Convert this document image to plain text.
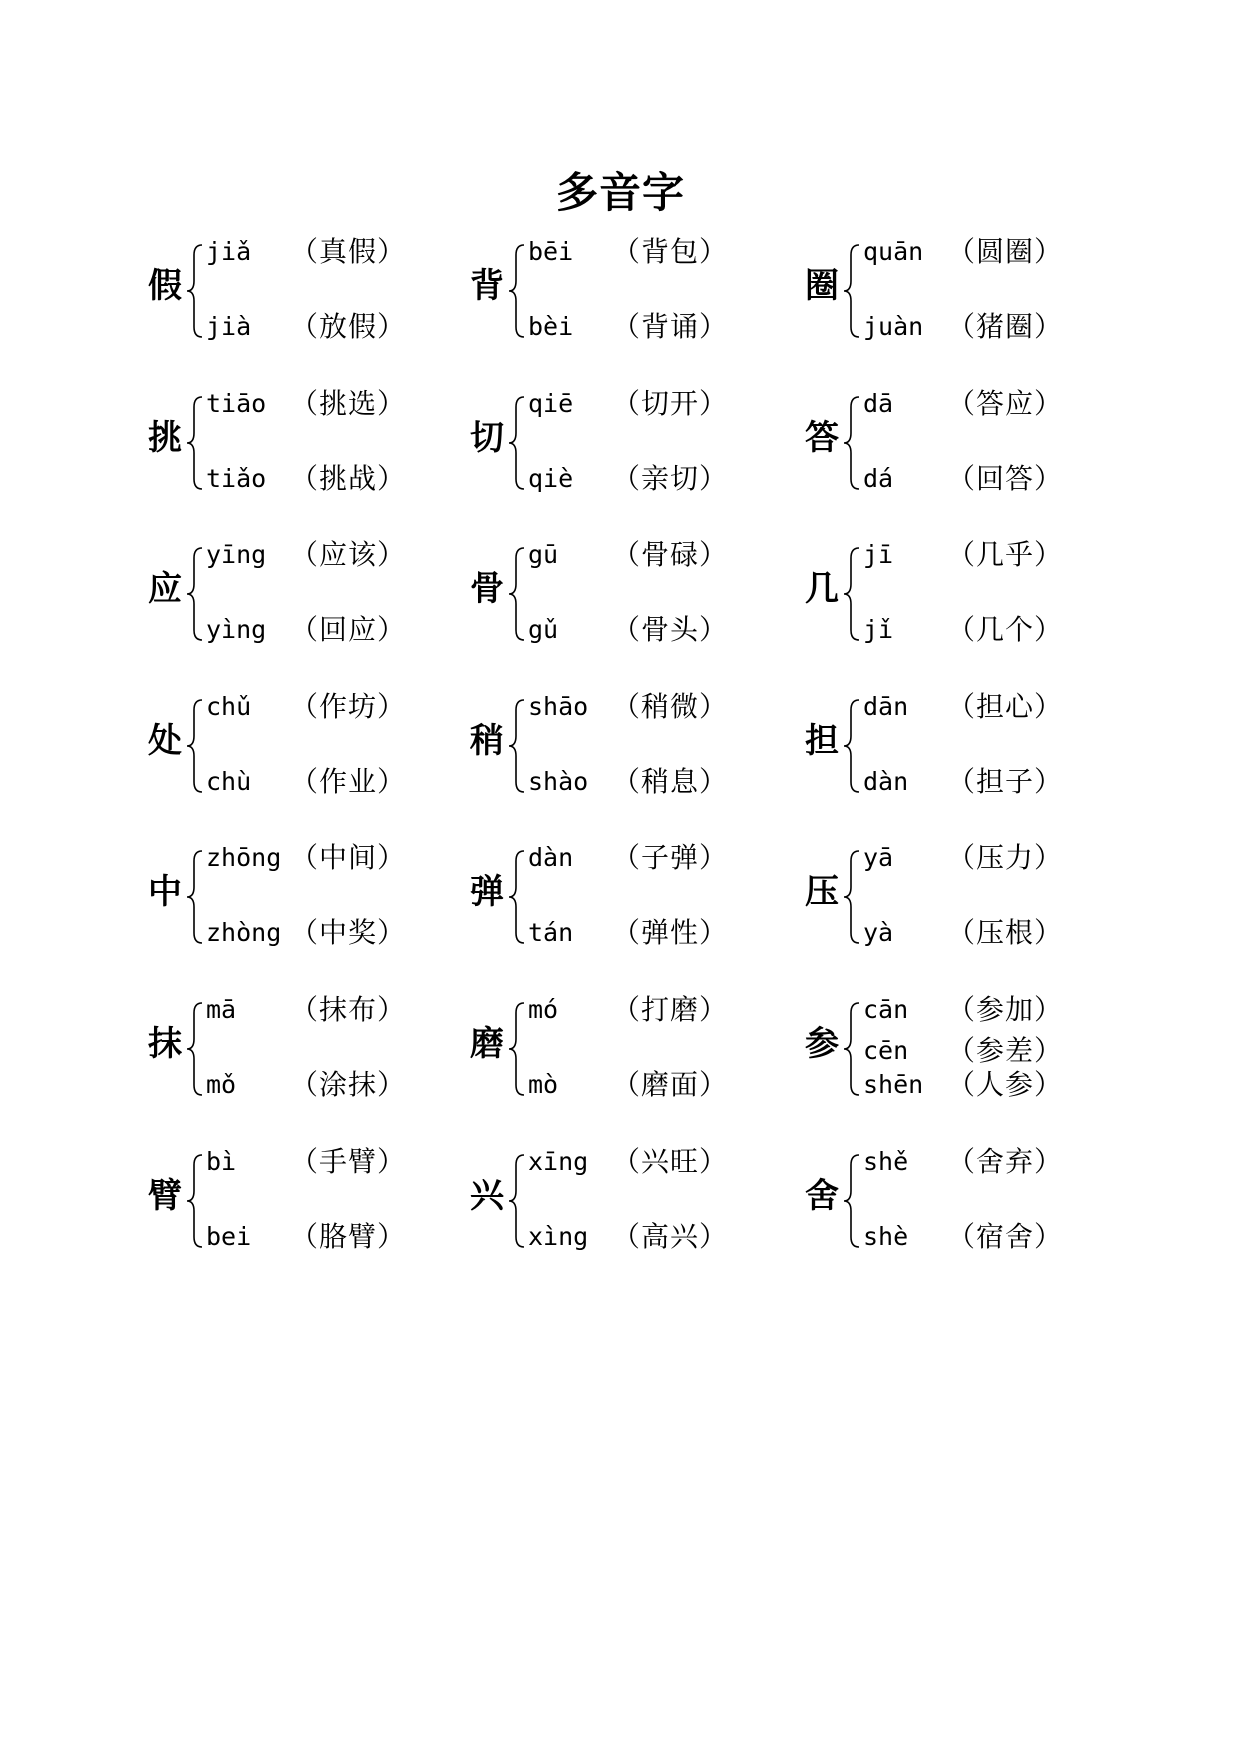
多音字
假
jiǎ （真假）
jià （放假）
背
bēi （背包）
bèi （背诵）
圈
quān （圆圈）
juàn （猪圈）
挑
tiāo （挑选）
tiǎo （挑战）
切
qiē （切开）
qiè （亲切）
答
dā （答应）
dá （回答）
应
yīng （应该）
yìng （回应）
骨
gū （骨碌）
gǔ （骨头）
几
jī （几乎）
jǐ （几个）
处
chǔ （作坊）
chù （作业）
稍
shāo （稍微）
shào （稍息）
担
dān （担心）
dàn （担子）
中
zhōng （中间）
zhòng （中奖）
弹
dàn （子弹）
tán （弹性）
压
yā （压力）
yà （压根）
抹
mā （抹布）
mǒ （涂抹）
磨
mó （打磨）
mò （磨面）
参
cān （参加）
cēn （参差）
shēn （人参）
臂
bì （手臂）
bei （胳臂）
兴
xīng （兴旺）
xìng （高兴）
舍
shě （舍弃）
shè （宿舍）
